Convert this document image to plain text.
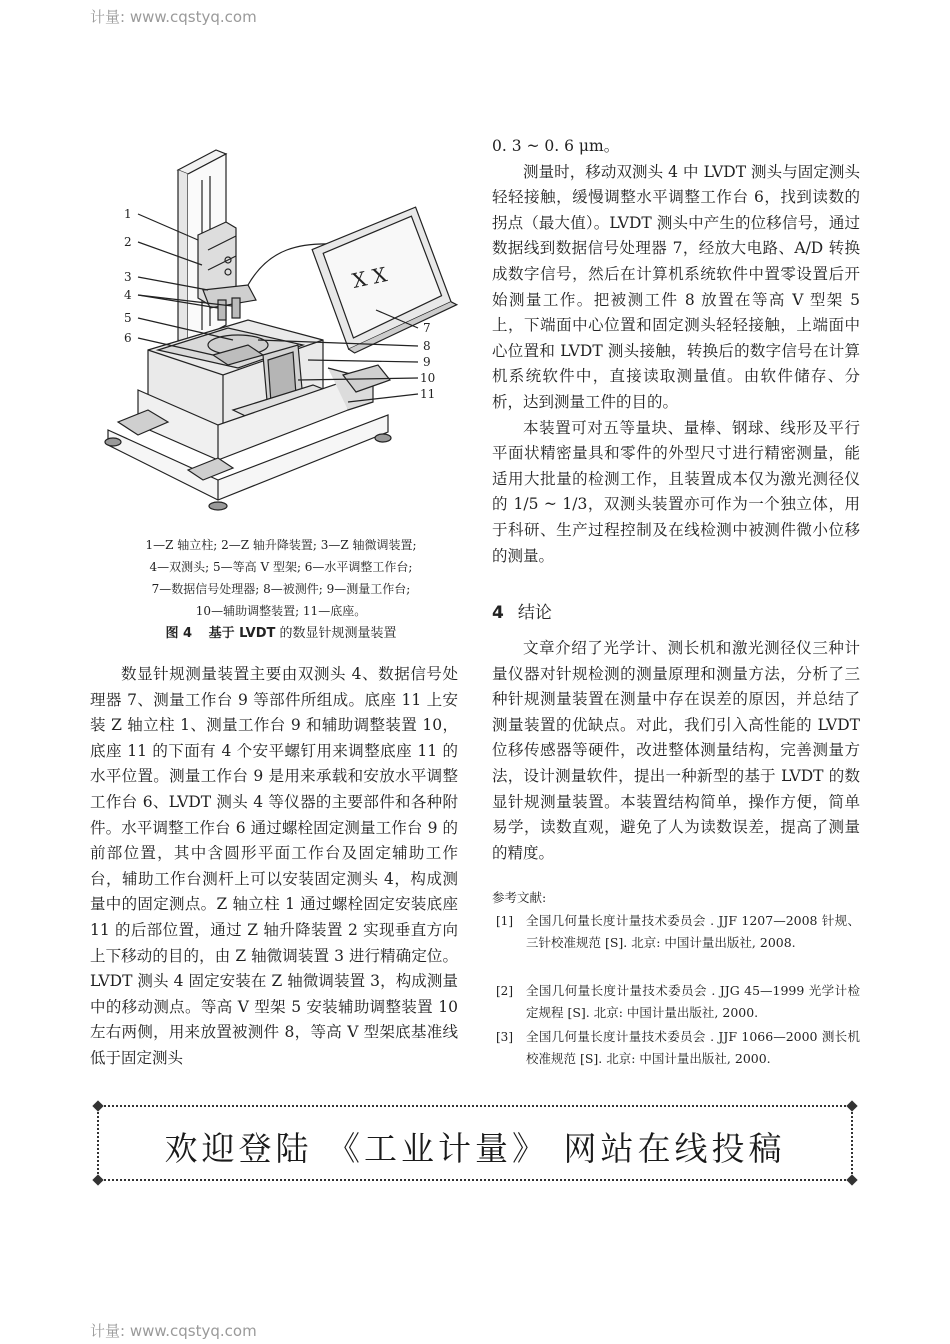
计量: www.cqstyq.com
1
2
3
4
5
6
7
8
9
10
11
X X
1—Z 轴立柱; 2—Z 轴升降装置; 3—Z 轴微调装置;
4—双测头; 5—等高 V 型架; 6—水平调整工作台;
7—数据信号处理器; 8—被测件; 9—测量工作台;
10—辅助调整装置; 11—底座。
图 4 基于 LVDT 的数显针规测量装置

数显针规测量装置主要由双测头 4、数据信号处理器 7、测量工作台 9 等部件所组成。底座 11 上安装 Z 轴立柱 1、测量工作台 9 和辅助调整装置 10，底座 11 的下面有 4 个安平螺钉用来调整底座 11 的水平位置。测量工作台 9 是用来承载和安放水平调整工作台 6、LVDT 测头 4 等仪器的主要部件和各种附件。水平调整工作台 6 通过螺栓固定测量工作台 9 的前部位置，其中含圆形平面工作台及固定辅助工作台，辅助工作台测杆上可以安装固定测头 4，构成测量中的固定测点。Z 轴立柱 1 通过螺栓固定安装底座 11 的后部位置，通过 Z 轴升降装置 2 实现垂直方向上下移动的目的，由 Z 轴微调装置 3 进行精确定位。LVDT 测头 4 固定安装在 Z 轴微调装置 3，构成测量中的移动测点。等高 V 型架 5 安装辅助调整装置 10 左右两侧，用来放置被测件 8，等高 V 型架底基准线低于固定测头

0. 3 ~ 0. 6 μm。

测量时，移动双测头 4 中 LVDT 测头与固定测头轻轻接触，缓慢调整水平调整工作台 6，找到读数的拐点（最大值）。LVDT 测头中产生的位移信号，通过数据线到数据信号处理器 7，经放大电路、A/D 转换成数字信号，然后在计算机系统软件中置零设置后开始测量工作。把被测工件 8 放置在等高 V 型架 5 上，下端面中心位置和固定测头轻轻接触，上端面中心位置和 LVDT 测头接触，转换后的数字信号在计算机系统软件中，直接读取测量值。由软件储存、分析，达到测量工件的目的。

本装置可对五等量块、量棒、钢球、线形及平行平面状精密量具和零件的外型尺寸进行精密测量，能适用大批量的检测工作，且装置成本仅为激光测径仪的 1/5 ~ 1/3，双测头装置亦可作为一个独立体，用于科研、生产过程控制及在线检测中被测件微小位移的测量。

4 结论

文章介绍了光学计、测长机和激光测径仪三种计量仪器对针规检测的测量原理和测量方法，分析了三种针规测量装置在测量中存在误差的原因，并总结了测量装置的优缺点。对此，我们引入高性能的 LVDT 位移传感器等硬件，改进整体测量结构，完善测量方法，设计测量软件，提出一种新型的基于 LVDT 的数显针规测量装置。本装置结构简单，操作方便，简单易学，读数直观，避免了人为读数误差，提高了测量的精度。

参考文献:
[1] 全国几何量长度计量技术委员会 . JJF 1207—2008 针规、三针校准规范 [S]. 北京: 中国计量出版社, 2008.
[2] 全国几何量长度计量技术委员会 . JJG 45—1999 光学计检定规程 [S]. 北京: 中国计量出版社, 2000.
[3] 全国几何量长度计量技术委员会 . JJF 1066—2000 测长机校准规范 [S]. 北京: 中国计量出版社, 2000.
欢迎登陆 《工业计量》 网站在线投稿
计量: www.cqstyq.com
